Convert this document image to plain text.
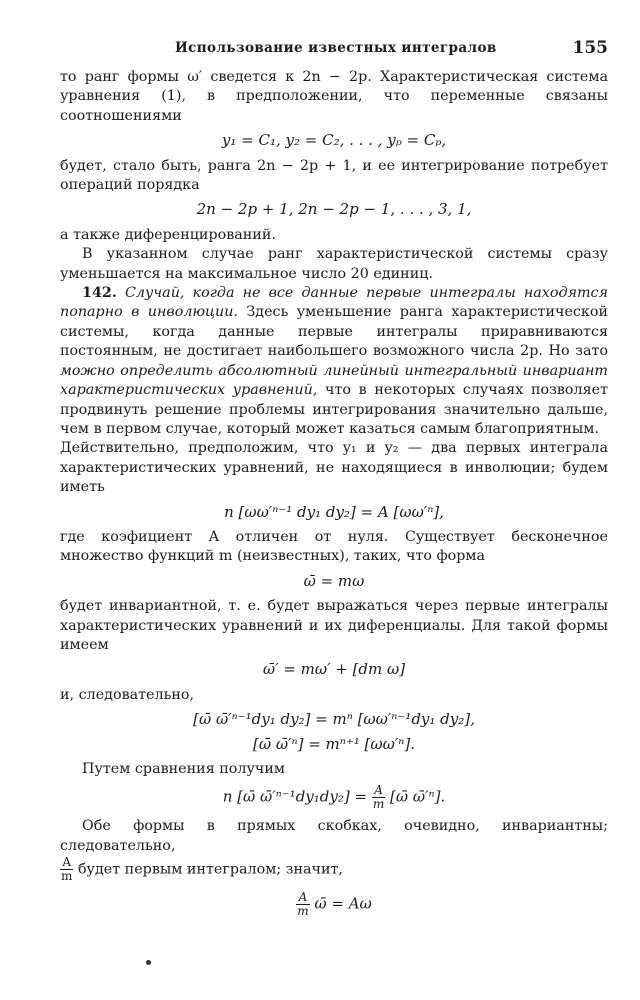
Использование известных интегралов	155

то ранг формы ω′ сведется к 2n − 2p. Характеристическая система уравнения (1), в предположении, что переменные связаны соотношениями

y₁ = C₁, y₂ = C₂, . . . , yₚ = Cₚ,

будет, стало быть, ранга 2n − 2p + 1, и ее интегрирование потребует операций порядка

2n − 2p + 1, 2n − 2p − 1, . . . , 3, 1,

а также диференцирований.

В указанном случае ранг характеристической системы сразу уменьшается на максимальное число 20 единиц.

142. Случай, когда не все данные первые интегралы находятся попарно в инволюции. Здесь уменьшение ранга характеристической системы, когда данные первые интегралы приравниваются постоянным, не достигает наибольшего возможного числа 2p. Но зато можно определить абсолютный линейный интегральный инвариант характеристических уравнений, что в некоторых случаях позволяет продвинуть решение проблемы интегрирования значительно дальше, чем в первом случае, который может казаться самым благоприятным.

Действительно, предположим, что y₁ и y₂ — два первых интеграла характеристических уравнений, не находящиеся в инволюции; будем иметь

n [ωω′ⁿ⁻¹ dy₁ dy₂] = A [ωω′ⁿ],

где коэфициент A отличен от нуля. Существует бесконечное множество функций m (неизвестных), таких, что форма

ω̄ = mω

будет инвариантной, т. е. будет выражаться через первые интегралы характеристических уравнений и их диференциалы. Для такой формы имеем

ω̄′ = mω′ + [dm ω]

и, следовательно,

[ω̄ ω̄′ⁿ⁻¹dy₁ dy₂] = mⁿ [ωω′ⁿ⁻¹dy₁ dy₂],
[ω̄ ω̄′ⁿ] = mⁿ⁺¹ [ωω′ⁿ].

Путем сравнения получим

n [ω̄ ω̄′ⁿ⁻¹dy₁dy₂] = $\frac{A}{m}$ [ω̄ ω̄′ⁿ].

Обе формы в прямых скобках, очевидно, инвариантны; следовательно,

$\frac{A}{m}$ будет первым интегралом; значит,

$\frac{A}{m}$ ω̄ = Aω
